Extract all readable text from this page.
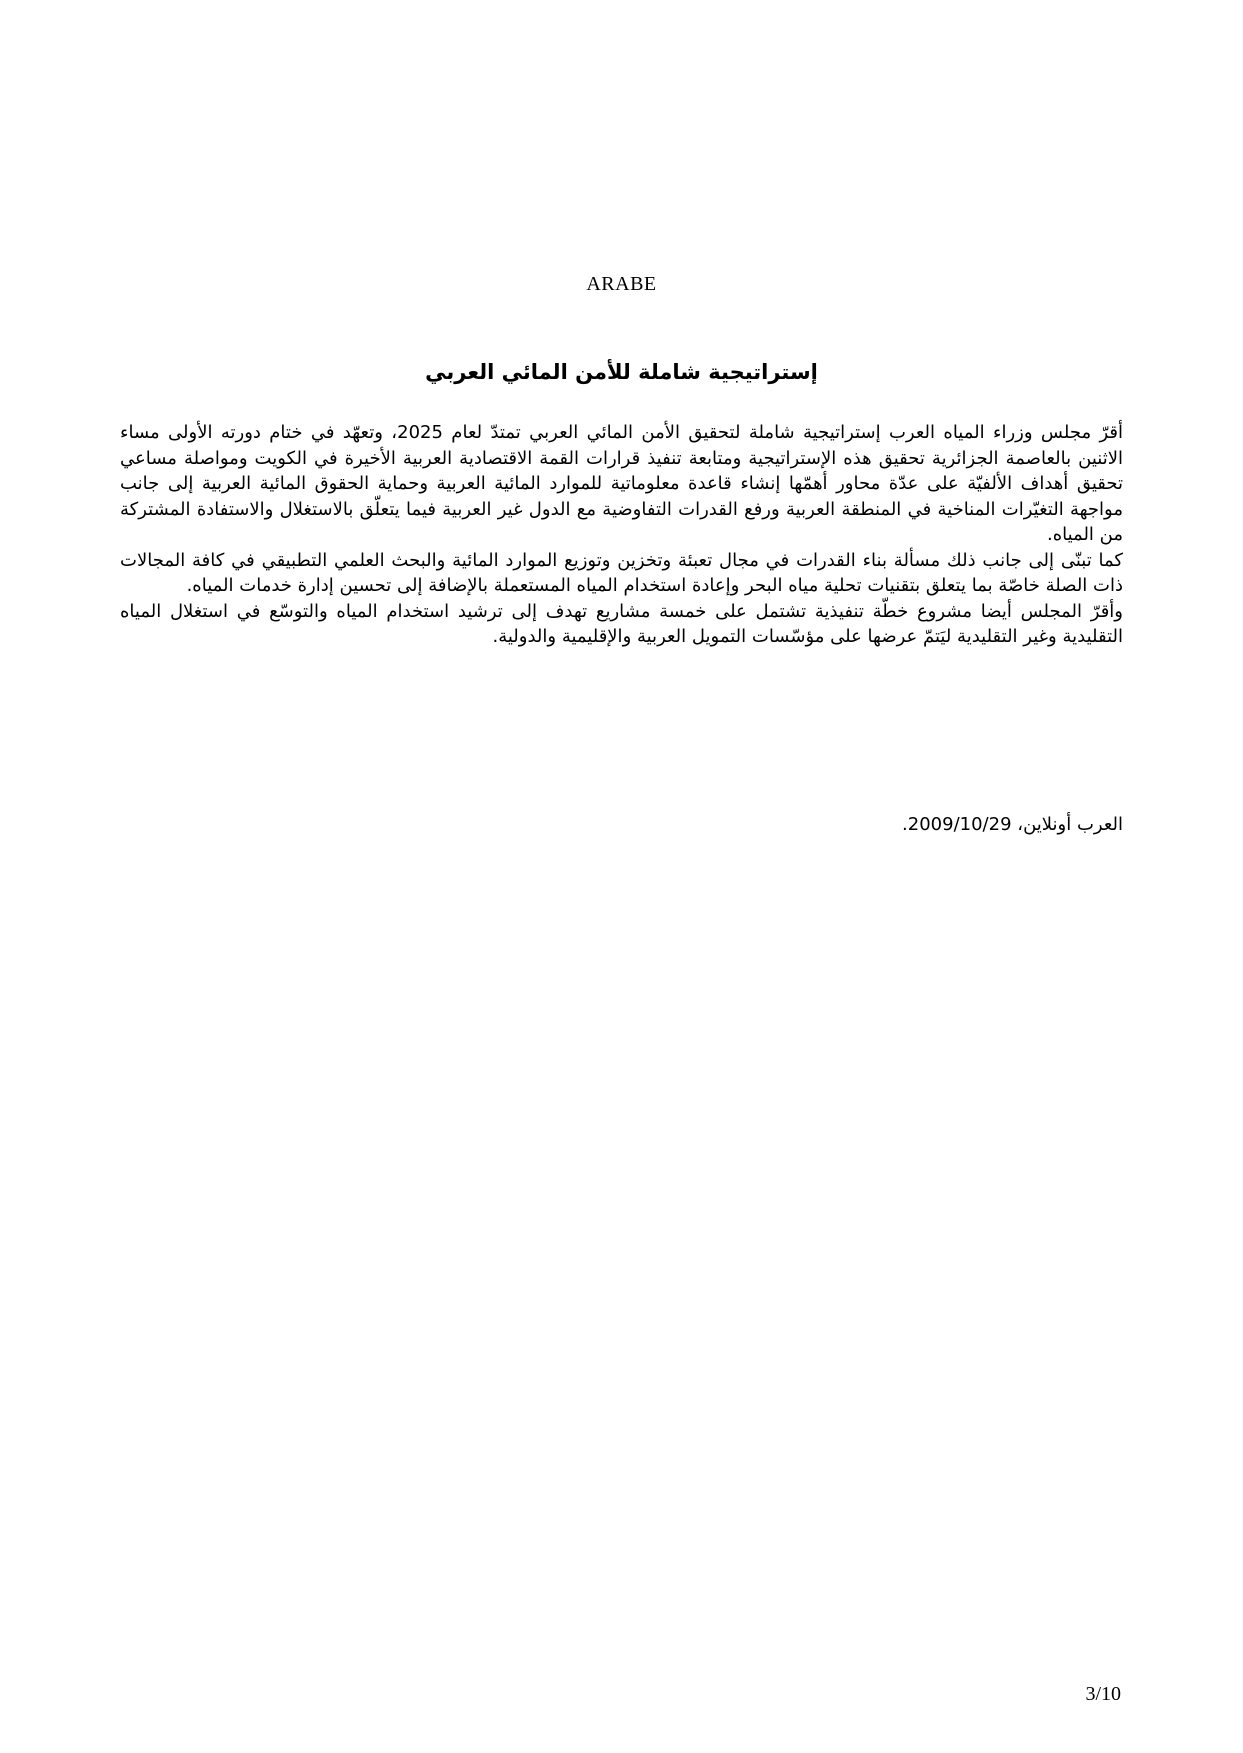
ARABE
إستراتيجية شاملة للأمن المائي العربي

أقرّ مجلس وزراء المياه العرب إستراتيجية شاملة لتحقيق الأمن المائي العربي تمتدّ لعام 2025، وتعهّد في ختام دورته الأولى مساء الاثنين بالعاصمة الجزائرية تحقيق هذه الإستراتيجية ومتابعة تنفيذ قرارات القمة الاقتصادية العربية الأخيرة في الكويت ومواصلة مساعي تحقيق أهداف الألفيّة على عدّة محاور أهمّها إنشاء قاعدة معلوماتية للموارد المائية العربية وحماية الحقوق المائية العربية إلى جانب مواجهة التغيّرات المناخية في المنطقة العربية ورفع القدرات التفاوضية مع الدول غير العربية فيما يتعلّق بالاستغلال والاستفادة المشتركة من المياه.

كما تبنّى إلى جانب ذلك مسألة بناء القدرات في مجال تعبئة وتخزين وتوزيع الموارد المائية والبحث العلمي التطبيقي في كافة المجالات ذات الصلة خاصّة بما يتعلق بتقنيات تحلية مياه البحر وإعادة استخدام المياه المستعملة بالإضافة إلى تحسين إدارة خدمات المياه.

وأقرّ المجلس أيضا مشروع خطّة تنفيذية تشتمل على خمسة مشاريع تهدف إلى ترشيد استخدام المياه والتوسّع في استغلال المياه التقليدية وغير التقليدية ليَتمّ عرضها على مؤسّسات التمويل العربية والإقليمية والدولية.

العرب أونلاين، 2009/10/29.
3/10
